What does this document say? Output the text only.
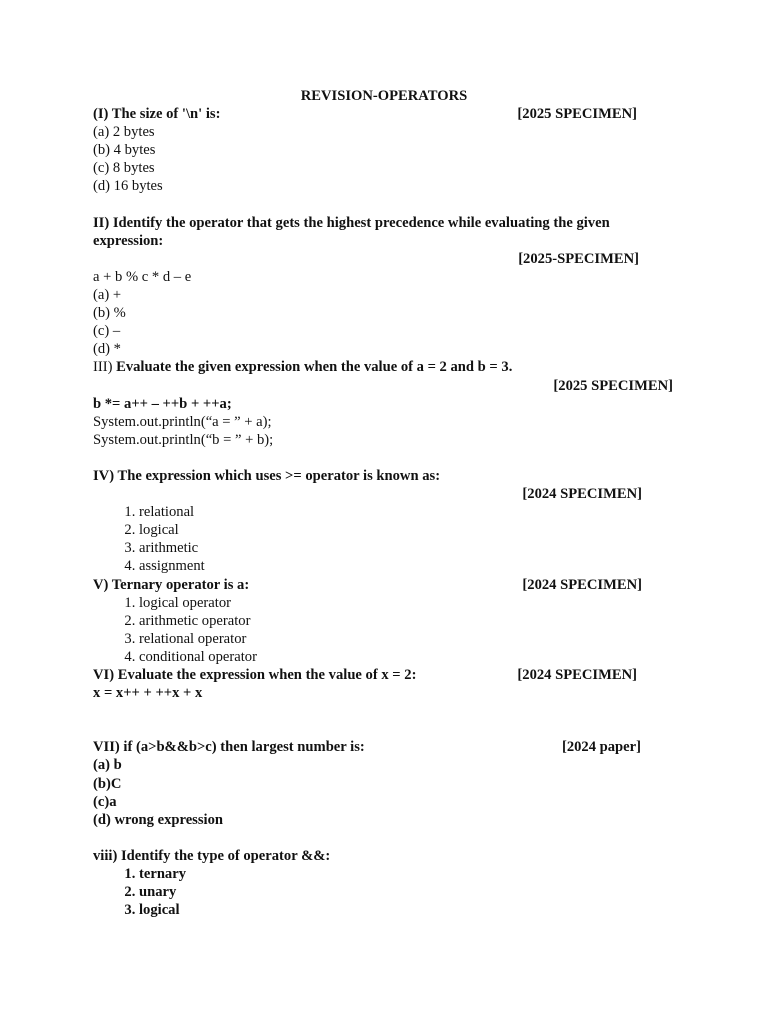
REVISION-OPERATORS
(I) The size of '\n' is:	[2025 SPECIMEN]
(a) 2 bytes
(b) 4 bytes
(c) 8 bytes
(d) 16 bytes
II) Identify the operator that gets the highest precedence while evaluating the given
expression:
[2025-SPECIMEN]
a + b % c * d – e
(a) +
(b) %
(c) –
(d) *
III) Evaluate the given expression when the value of a = 2 and b = 3.
[2025 SPECIMEN]
b *= a++ – ++b + ++a;
System.out.println(“a = ” + a);
System.out.println(“b = ” + b);
IV) The expression which uses >= operator is known as:
[2024 SPECIMEN]
1. relational
2. logical
3. arithmetic
4. assignment
V) Ternary operator is a:	[2024 SPECIMEN]
1. logical operator
2. arithmetic operator
3. relational operator
4. conditional operator
VI) Evaluate the expression when the value of x = 2:	[2024 SPECIMEN]
x = x++ + ++x + x
VII) if (a>b&&b>c) then largest number is:	[2024 paper]
(a) b
(b)C
(c)a
(d) wrong expression
viii) Identify the type of operator &&:
1. ternary
2. unary
3. logical
